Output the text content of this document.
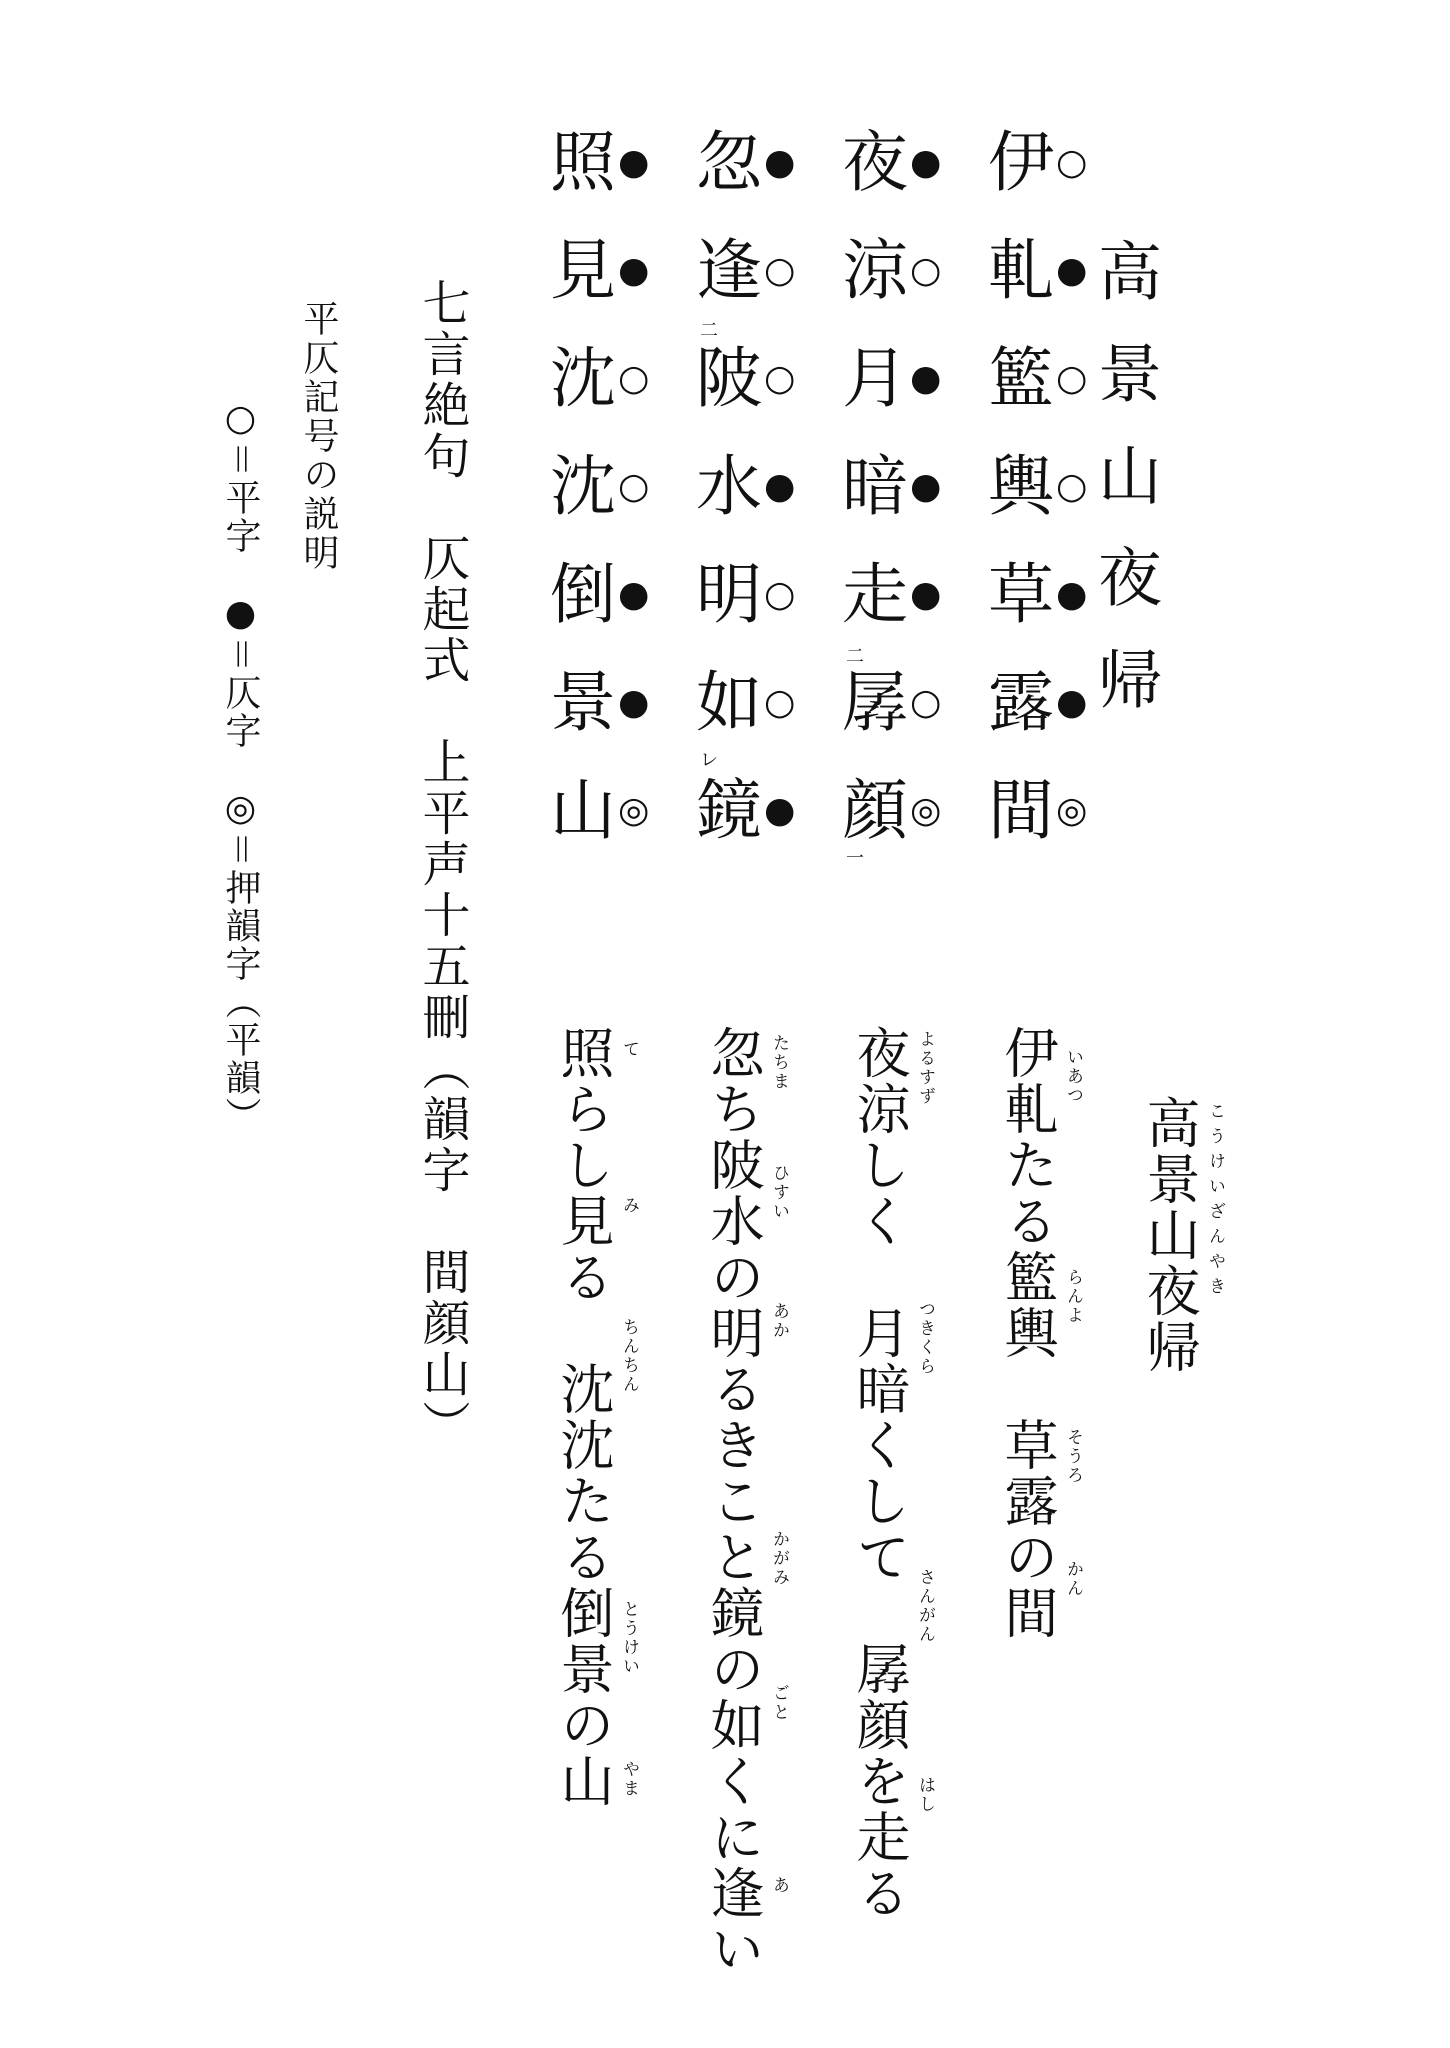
高景山夜帰
伊 ○
軋 ●
籃 ○
輿 ○
草 ●
露 ●
間 ◎
夜 ●
涼 ○
月 ●
暗 ●
走 ●
孱 ○
顔 ◎
忽 ●
逢 ○
陂 ○
水 ●
明 ○
如 ○
鏡 ●
照 ●
見 ●
沈 ○
沈 ○
倒 ●
景 ●
山 ◎
二
二
一
レ
七言絶句　仄起式　上平声十五刪（韻字　間顔山）
平仄記号の説明
○＝平字　●＝仄字　◎＝押韻字（平韻）
高景山夜帰 こうけいざんやき
伊軋たる籃輿　草露の間
夜涼しく　月暗くして　孱顔を走る
忽ち陂水の明るきこと鏡の如くに逢い
照らし見る　沈沈たる倒景の山	いあつ
らんよ
そうろ
かん
よるすず
つきくら
さんがん
はし
たちま
ひすい
あか
かがみ
ごと
あ
て
み
ちんちん
とうけい
やま
